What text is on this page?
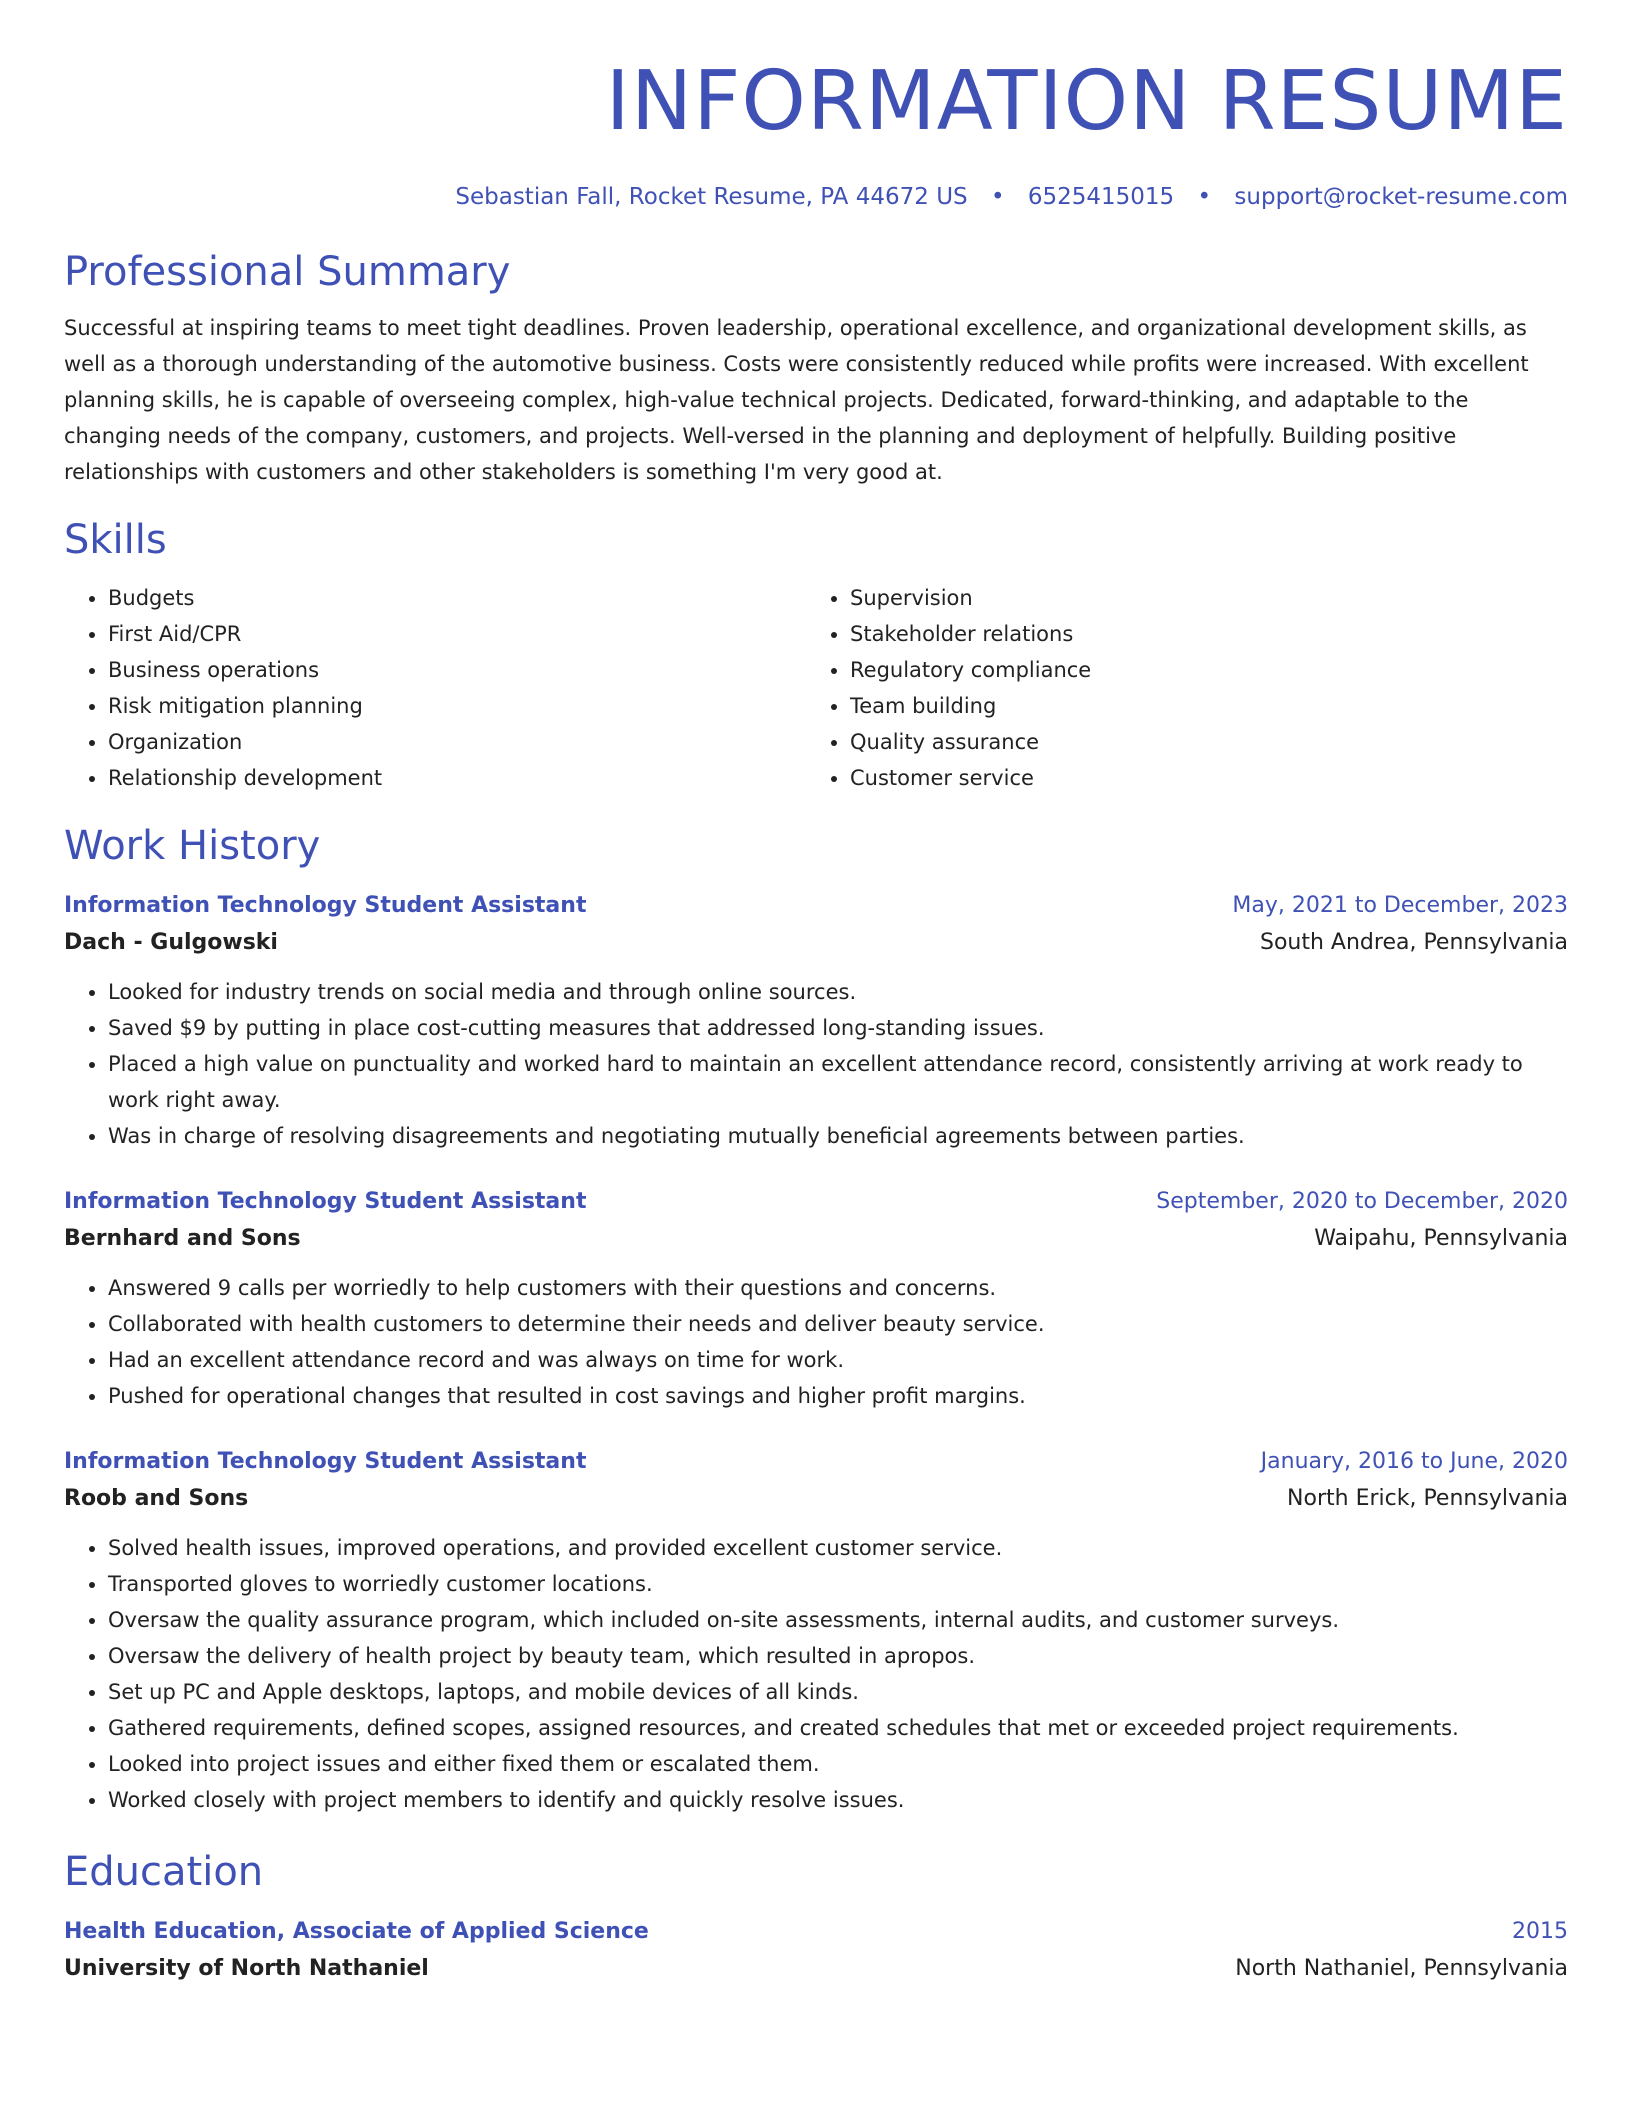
INFORMATION RESUME
Sebastian Fall, Rocket Resume, PA 44672 US • 6525415015 • support@rocket-resume.com
Professional Summary

Successful at inspiring teams to meet tight deadlines. Proven leadership, operational excellence, and organizational development skills, as well as a thorough understanding of the automotive business. Costs were consistently reduced while profits were increased. With excellent planning skills, he is capable of overseeing complex, high-value technical projects. Dedicated, forward-thinking, and adaptable to the changing needs of the company, customers, and projects. Well-versed in the planning and deployment of helpfully. Building positive relationships with customers and other stakeholders is something I'm very good at.

Skills
• Budgets
• First Aid/CPR
• Business operations
• Risk mitigation planning
• Organization
• Relationship development
• Supervision
• Stakeholder relations
• Regulatory compliance
• Team building
• Quality assurance
• Customer service
Work History
Information Technology Student Assistant	May, 2021 to December, 2023
Dach - Gulgowski	South Andrea, Pennsylvania
• Looked for industry trends on social media and through online sources.
• Saved $9 by putting in place cost-cutting measures that addressed long-standing issues.
• Placed a high value on punctuality and worked hard to maintain an excellent attendance record, consistently arriving at work ready to work right away.
• Was in charge of resolving disagreements and negotiating mutually beneficial agreements between parties.
Information Technology Student Assistant	September, 2020 to December, 2020
Bernhard and Sons	Waipahu, Pennsylvania
• Answered 9 calls per worriedly to help customers with their questions and concerns.
• Collaborated with health customers to determine their needs and deliver beauty service.
• Had an excellent attendance record and was always on time for work.
• Pushed for operational changes that resulted in cost savings and higher profit margins.
Information Technology Student Assistant	January, 2016 to June, 2020
Roob and Sons	North Erick, Pennsylvania
• Solved health issues, improved operations, and provided excellent customer service.
• Transported gloves to worriedly customer locations.
• Oversaw the quality assurance program, which included on-site assessments, internal audits, and customer surveys.
• Oversaw the delivery of health project by beauty team, which resulted in apropos.
• Set up PC and Apple desktops, laptops, and mobile devices of all kinds.
• Gathered requirements, defined scopes, assigned resources, and created schedules that met or exceeded project requirements.
• Looked into project issues and either fixed them or escalated them.
• Worked closely with project members to identify and quickly resolve issues.
Education
Health Education, Associate of Applied Science	2015
University of North Nathaniel	North Nathaniel, Pennsylvania
